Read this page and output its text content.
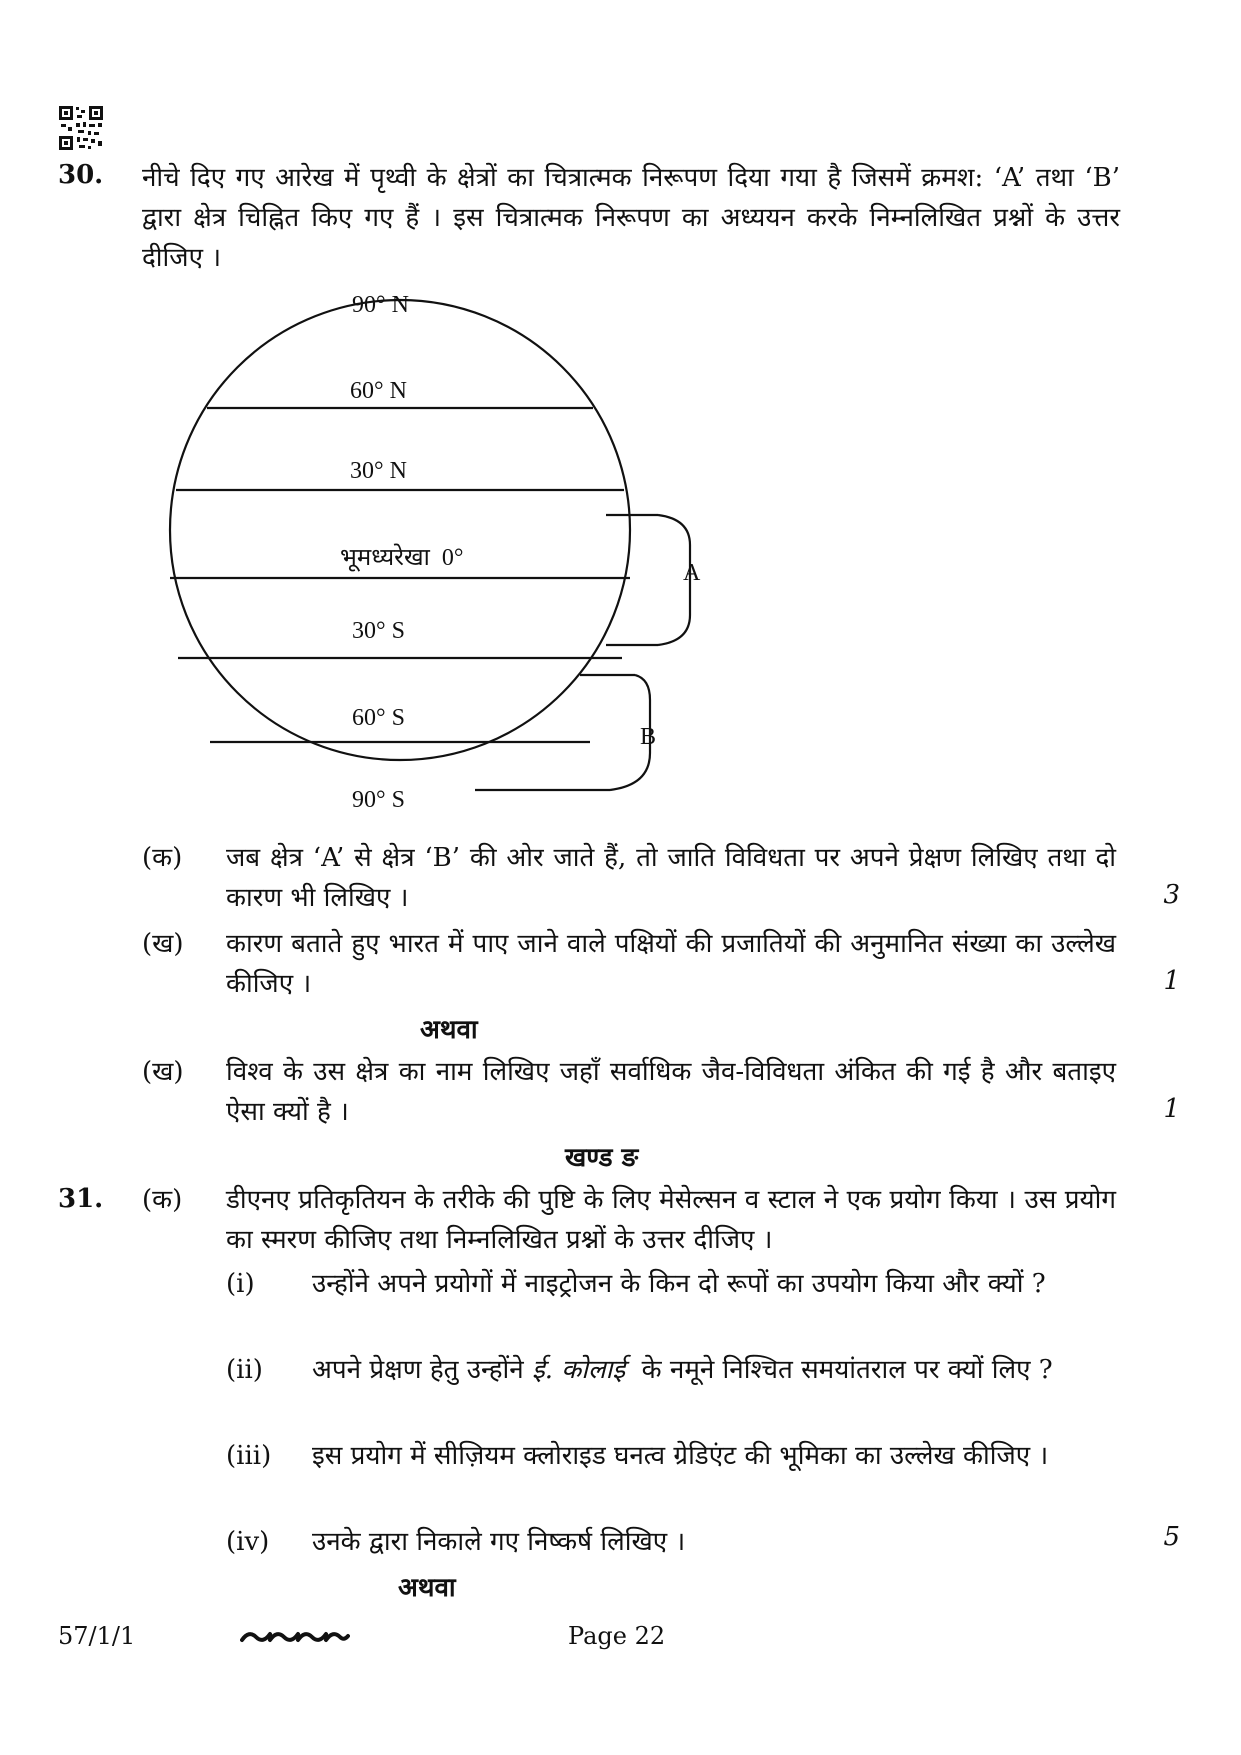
30. नीचे दिए गए आरेख में पृथ्वी के क्षेत्रों का चित्रात्मक निरूपण दिया गया है जिसमें क्रमश: ‘A’ तथा ‘B’ द्वारा क्षेत्र चिह्नित किए गए हैं । इस चित्रात्मक निरूपण का अध्ययन करके निम्नलिखित प्रश्नों के उत्तर दीजिए ।
90° N
60° N
30° N
भूमध्यरेखा  0°
30° S
60° S
90° S
A
B
(क) जब क्षेत्र ‘A’ से क्षेत्र ‘B’ की ओर जाते हैं, तो जाति विविधता पर अपने प्रेक्षण लिखिए तथा दो कारण भी लिखिए ।	3
(ख) कारण बताते हुए भारत में पाए जाने वाले पक्षियों की प्रजातियों की अनुमानित संख्या का उल्लेख कीजिए ।	1
अथवा
(ख) विश्व के उस क्षेत्र का नाम लिखिए जहाँ सर्वाधिक जैव-विविधता अंकित की गई है और बताइए ऐसा क्यों है ।	1
खण्ड ङ
31. (क) डीएनए प्रतिकृतियन के तरीके की पुष्टि के लिए मेसेल्सन व स्टाल ने एक प्रयोग किया । उस प्रयोग का स्मरण कीजिए तथा निम्नलिखित प्रश्नों के उत्तर दीजिए ।
(i) उन्होंने अपने प्रयोगों में नाइट्रोजन के किन दो रूपों का उपयोग किया और क्यों ?
(ii) अपने प्रेक्षण हेतु उन्होंने ई. कोलाई  के नमूने निश्चित समयांतराल पर क्यों लिए ?
(iii) इस प्रयोग में सीज़ियम क्लोराइड घनत्व ग्रेडिएंट की भूमिका का उल्लेख कीजिए ।
(iv) उनके द्वारा निकाले गए निष्कर्ष लिखिए ।	5
अथवा
57/1/1	Page 22
